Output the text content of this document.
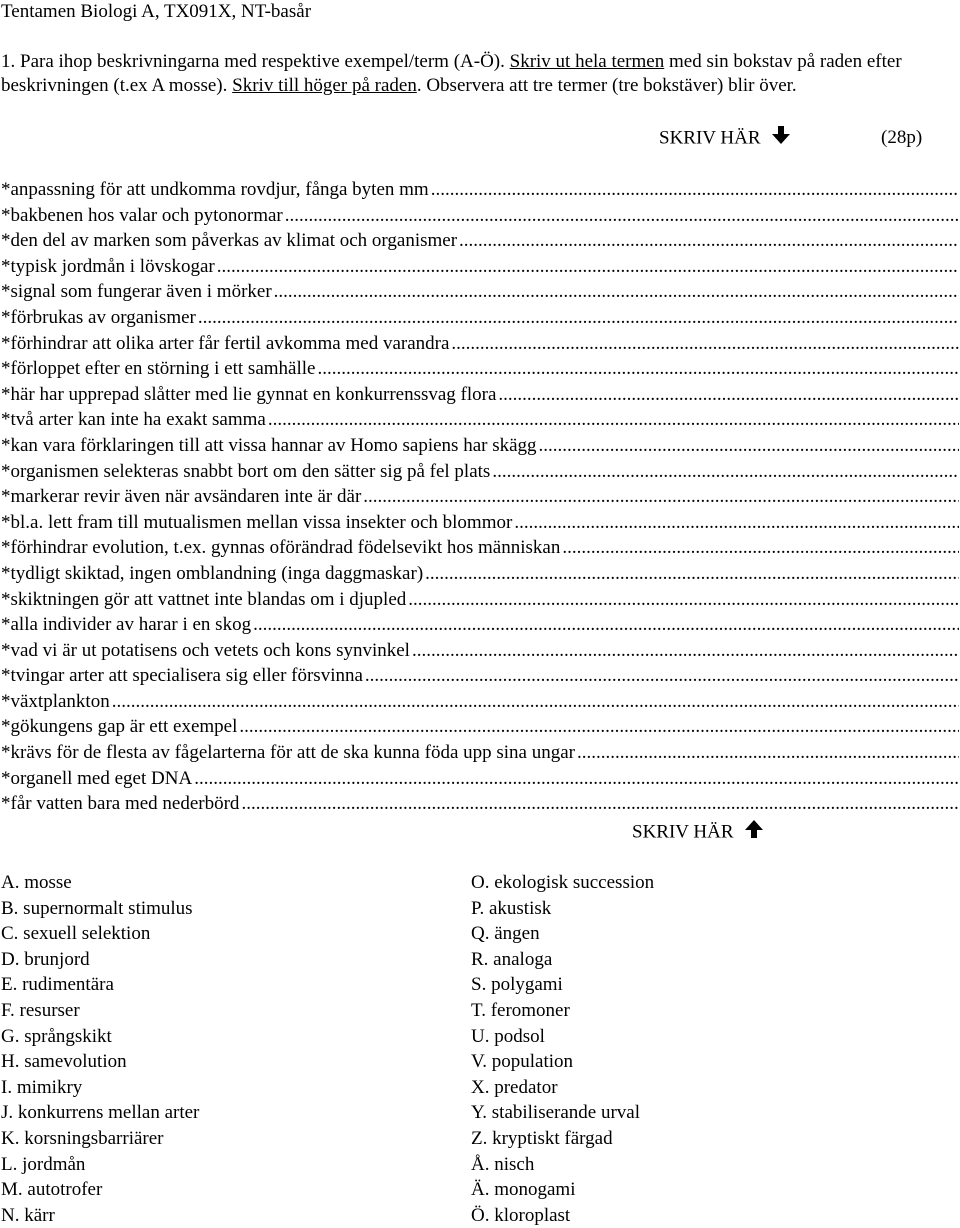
Tentamen Biologi A, TX091X, NT-basår
1. Para ihop beskrivningarna med respektive exempel/term (A-Ö). Skriv ut hela termen med sin bokstav på raden efter beskrivningen (t.ex A mosse). Skriv till höger på raden. Observera att tre termer (tre bokstäver) blir över.
SKRIV HÄR	(28p)
*anpassning för att undkomma rovdjur, fånga byten mm
.....
*bakbenen hos valar och pytonormar
.....
*den del av marken som påverkas av klimat och organismer
.....
*typisk jordmån i lövskogar
.....
*signal som fungerar även i mörker
.....
*förbrukas av organismer
.....
*förhindrar att olika arter får fertil avkomma med varandra
.....
*förloppet efter en störning i ett samhälle
.....
*här har upprepad slåtter med lie gynnat en konkurrenssvag flora
.....
*två arter kan inte ha exakt samma
.....
*kan vara förklaringen till att vissa hannar av Homo sapiens har skägg
.....
*organismen selekteras snabbt bort om den sätter sig på fel plats
.....
*markerar revir även när avsändaren inte är där
.....
*bl.a. lett fram till mutualismen mellan vissa insekter och blommor
.....
*förhindrar evolution, t.ex. gynnas oförändrad födelsevikt hos människan
.....
*tydligt skiktad, ingen omblandning (inga daggmaskar)
.....
*skiktningen gör att vattnet inte blandas om i djupled
.....
*alla individer av harar i en skog
.....
*vad vi är ut potatisens och vetets och kons synvinkel
.....
*tvingar arter att specialisera sig eller försvinna
.....
*växtplankton
.....
*gökungens gap är ett exempel
.....
*krävs för de flesta av fågelarterna för att de ska kunna föda upp sina ungar
.....
*organell med eget DNA
.....
*får vatten bara med nederbörd
.....
SKRIV HÄR
A. mosse
B. supernormalt stimulus
C. sexuell selektion
D. brunjord
E. rudimentära
F. resurser
G. språngskikt
H. samevolution
I. mimikry
J. konkurrens mellan arter
K. korsningsbarriärer
L. jordmån
M. autotrofer
N. kärr
O. ekologisk succession
P. akustisk
Q. ängen
R. analoga
S. polygami
T. feromoner
U. podsol
V. population
X. predator
Y. stabiliserande urval
Z. kryptiskt färgad
Å. nisch
Ä. monogami
Ö. kloroplast
